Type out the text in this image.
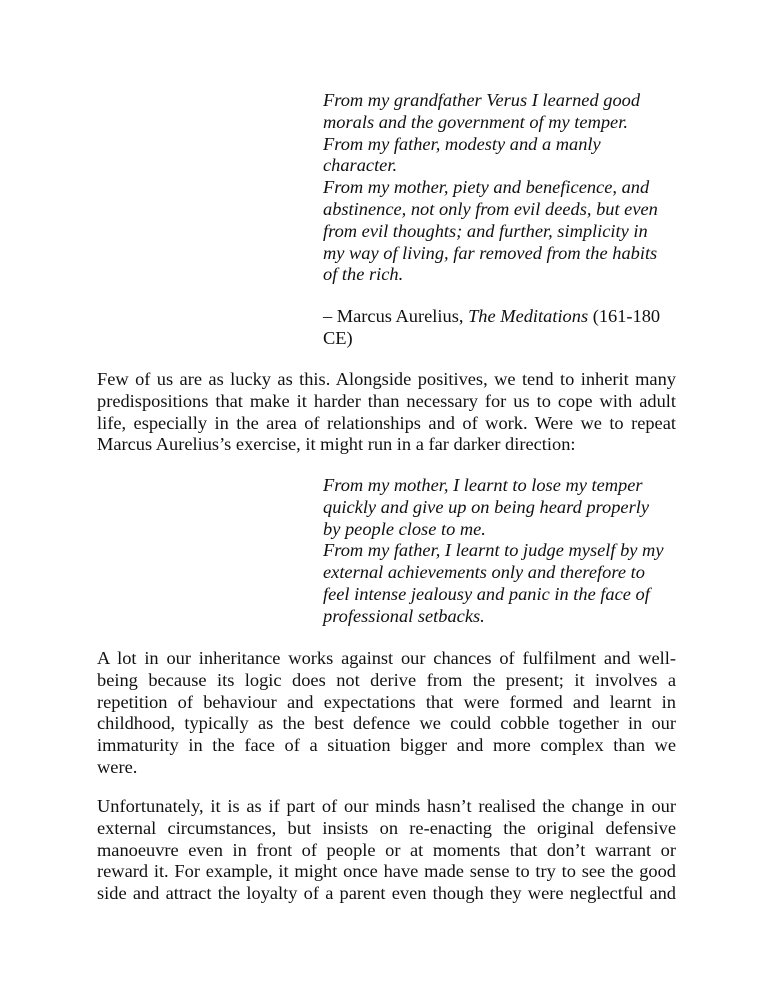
From my grandfather Verus I learned good
morals and the government of my temper.
From my father, modesty and a manly
character.
From my mother, piety and beneficence, and
abstinence, not only from evil deeds, but even
from evil thoughts; and further, simplicity in
my way of living, far removed from the habits
of the rich.
– Marcus Aurelius, The Meditations (161-180
CE)
Few of us are as lucky as this. Alongside positives, we tend to inherit many
predispositions that make it harder than necessary for us to cope with adult
life, especially in the area of relationships and of work. Were we to repeat
Marcus Aurelius’s exercise, it might run in a far darker direction:
From my mother, I learnt to lose my temper
quickly and give up on being heard properly
by people close to me.
From my father, I learnt to judge myself by my
external achievements only and therefore to
feel intense jealousy and panic in the face of
professional setbacks.
A lot in our inheritance works against our chances of fulfilment and well-
being because its logic does not derive from the present; it involves a
repetition of behaviour and expectations that were formed and learnt in
childhood, typically as the best defence we could cobble together in our
immaturity in the face of a situation bigger and more complex than we
were.
Unfortunately, it is as if part of our minds hasn’t realised the change in our
external circumstances, but insists on re-enacting the original defensive
manoeuvre even in front of people or at moments that don’t warrant or
reward it. For example, it might once have made sense to try to see the good
side and attract the loyalty of a parent even though they were neglectful and
